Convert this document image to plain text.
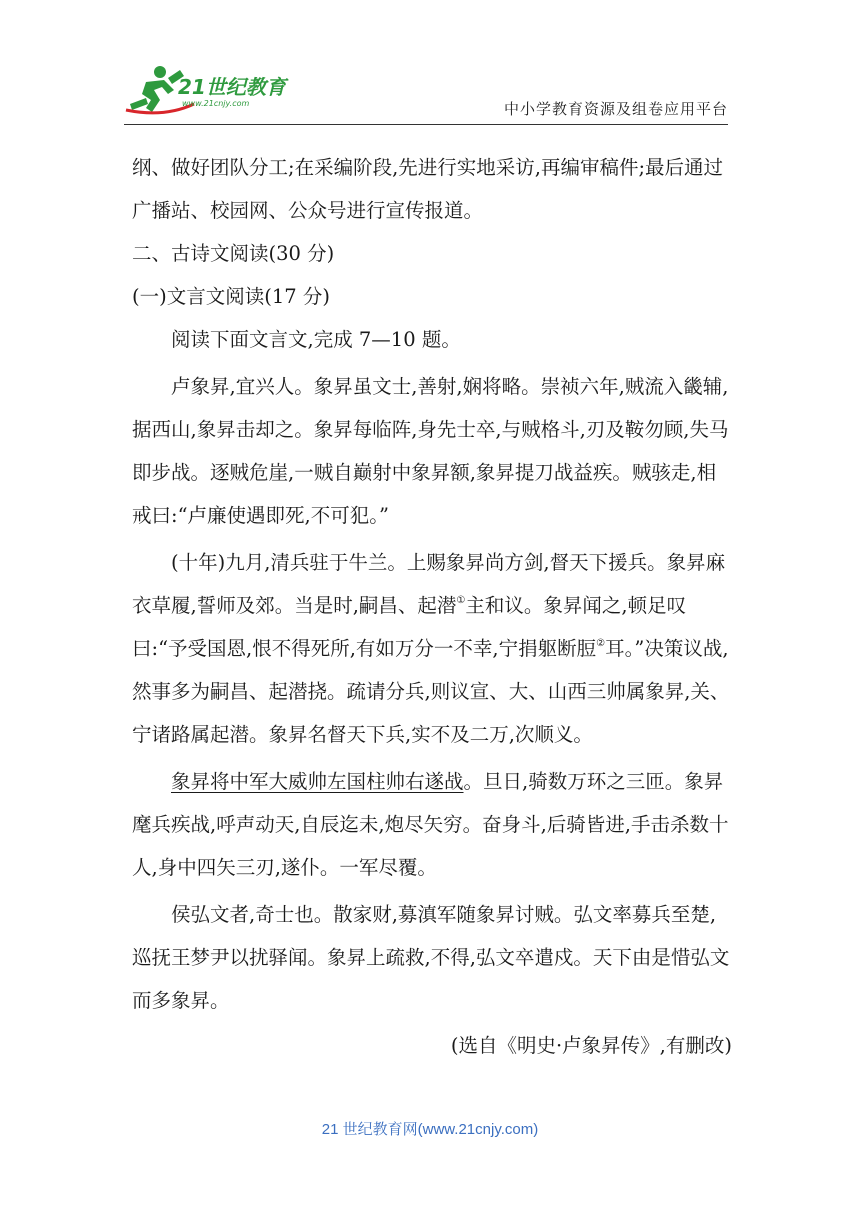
21世纪教育
www.21cnjy.com	中小学教育资源及组卷应用平台

纲、做好团队分工;在采编阶段,先进行实地采访,再编审稿件;最后通过广播站、校园网、公众号进行宣传报道。

二、古诗文阅读(30 分)

(一)文言文阅读(17 分)

阅读下面文言文,完成 7—10 题。

卢象昇,宜兴人。象昇虽文士,善射,娴将略。崇祯六年,贼流入畿辅,据西山,象昇击却之。象昇每临阵,身先士卒,与贼格斗,刃及鞍勿顾,失马即步战。逐贼危崖,一贼自巅射中象昇额,象昇提刀战益疾。贼骇走,相戒曰:“卢廉使遇即死,不可犯。”

(十年)九月,清兵驻于牛兰。上赐象昇尚方剑,督天下援兵。象昇麻衣草履,誓师及郊。当是时,嗣昌、起潜①主和议。象昇闻之,顿足叹曰:“予受国恩,恨不得死所,有如万分一不幸,宁捐躯断脰②耳。”决策议战,然事多为嗣昌、起潜挠。疏请分兵,则议宣、大、山西三帅属象昇,关、宁诸路属起潜。象昇名督天下兵,实不及二万,次顺义。

象昇将中军大威帅左国柱帅右遂战。旦日,骑数万环之三匝。象昇麾兵疾战,呼声动天,自辰迄未,炮尽矢穷。奋身斗,后骑皆进,手击杀数十人,身中四矢三刃,遂仆。一军尽覆。

侯弘文者,奇士也。散家财,募滇军随象昇讨贼。弘文率募兵至楚,巡抚王梦尹以扰驿闻。象昇上疏救,不得,弘文卒遣戍。天下由是惜弘文而多象昇。

(选自《明史·卢象昇传》,有删改)

21 世纪教育网(www.21cnjy.com)
